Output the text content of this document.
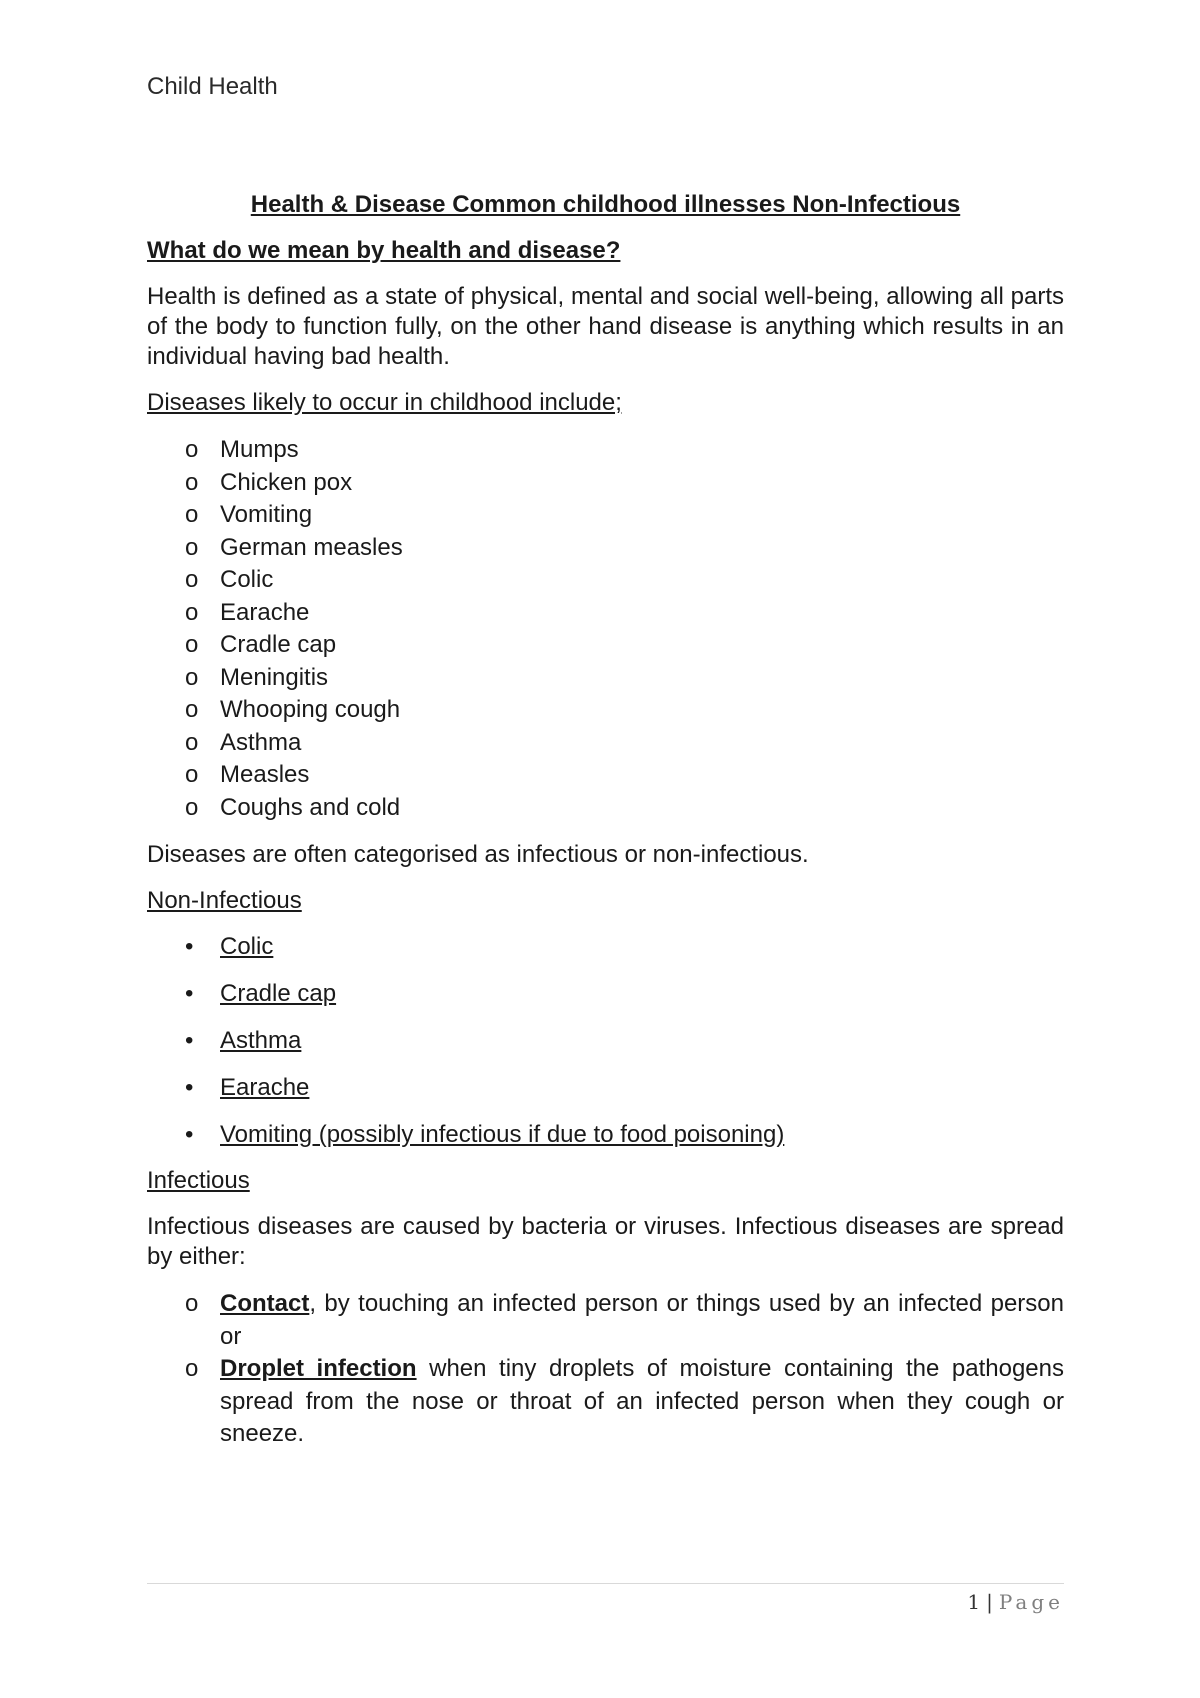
Child Health
Health & Disease Common childhood illnesses Non-Infectious
What do we mean by health and disease?

Health is defined as a state of physical, mental and social well-being, allowing all parts of the body to function fully, on the other hand disease is anything which results in an individual having bad health.

Diseases likely to occur in childhood include;

o Mumps
o Chicken pox
o Vomiting
o German measles
o Colic
o Earache
o Cradle cap
o Meningitis
o Whooping cough
o Asthma
o Measles
o Coughs and cold

Diseases are often categorised as infectious or non-infectious.

Non-Infectious

• Colic
• Cradle cap
• Asthma
• Earache
• Vomiting (possibly infectious if due to food poisoning)

Infectious

Infectious diseases are caused by bacteria or viruses. Infectious diseases are spread by either:

o Contact, by touching an infected person or things used by an infected person or
o Droplet infection when tiny droplets of moisture containing the pathogens spread from the nose or throat of an infected person when they cough or sneeze.
1 | Page
